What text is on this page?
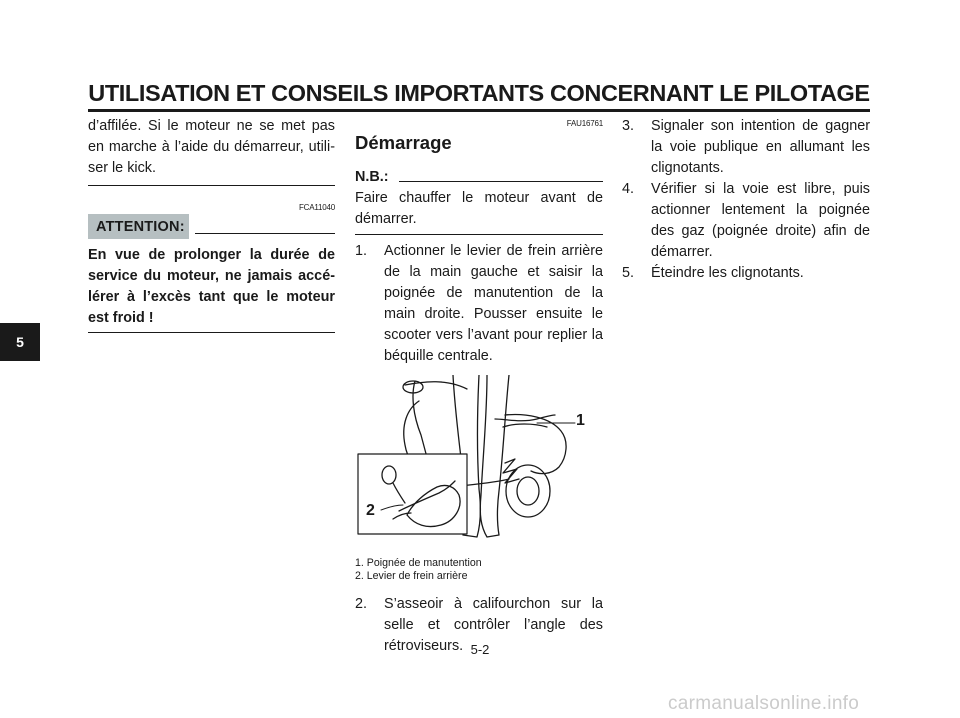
UTILISATION ET CONSEILS IMPORTANTS CONCERNANT LE PILOTAGE
5

d’affilée. Si le moteur ne se met pas en marche à l’aide du démarreur, utili-ser le kick.

FCA11040
ATTENTION:

En vue de prolonger la durée de service du moteur, ne jamais accé-lérer à l’excès tant que le moteur est froid !

FAU16761
Démarrage
N.B.:

Faire chauffer le moteur avant de démarrer.

1.	Actionner le levier de frein arrière de la main gauche et saisir la poignée de manutention de la main droite. Pousser ensuite le scooter vers l’avant pour replier la béquille centrale.
1
2
1. Poignée de manutention
2. Levier de frein arrière
2.	S’asseoir à califourchon sur la selle et contrôler l’angle des rétroviseurs.
3.	Signaler son intention de gagner la voie publique en allumant les clignotants.
4.	Vérifier si la voie est libre, puis actionner lentement la poignée des gaz (poignée droite) afin de démarrer.
5.	Éteindre les clignotants.
5-2
carmanualsonline.info
